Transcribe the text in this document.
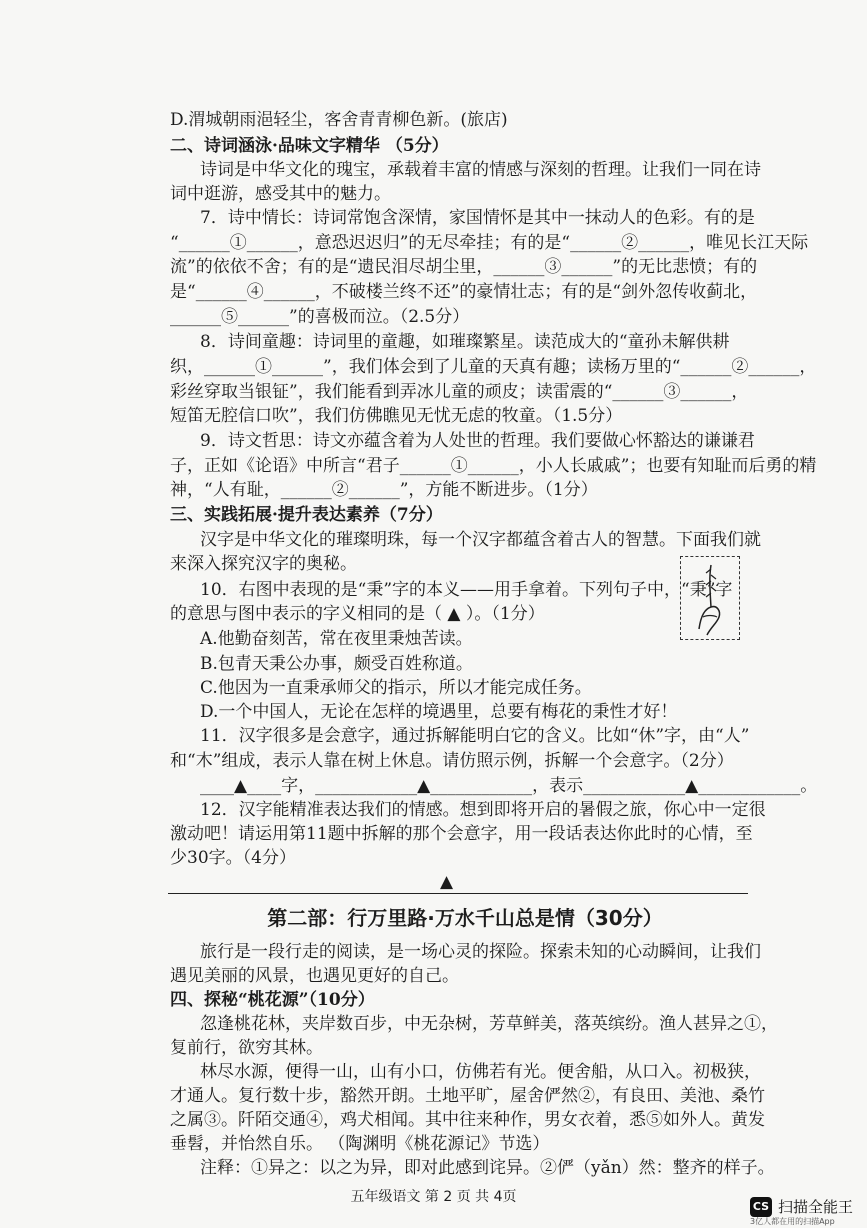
D.渭城朝雨浥轻尘，客舍青青柳色新。(旅店)
二、诗词涵泳·品味文字精华 （5分）
诗词是中华文化的瑰宝，承载着丰富的情感与深刻的哲理。让我们一同在诗
词中逛游，感受其中的魅力。
7．诗中情长：诗词常饱含深情，家国情怀是其中一抹动人的色彩。有的是
“______①______，意恐迟迟归”的无尽牵挂；有的是“______②______，唯见长江天际
流”的依依不舍；有的是“遗民泪尽胡尘里，______③______”的无比悲愤；有的
是“______④______，不破楼兰终不还”的豪情壮志；有的是“剑外忽传收蓟北，
______⑤______”的喜极而泣。（2.5分）
8．诗间童趣：诗词里的童趣，如璀璨繁星。读范成大的“童孙未解供耕
织，______①______”，我们体会到了儿童的天真有趣；读杨万里的“______②______，
彩丝穿取当银钲”，我们能看到弄冰儿童的顽皮；读雷震的“______③______，
短笛无腔信口吹”，我们仿佛瞧见无忧无虑的牧童。（1.5分）
9．诗文哲思：诗文亦蕴含着为人处世的哲理。我们要做心怀豁达的谦谦君
子，正如《论语》中所言“君子______①______，小人长戚戚”；也要有知耻而后勇的精
神，“人有耻，______②______”，方能不断进步。（1分）
三、实践拓展·提升表达素养（7分）
汉字是中华文化的璀璨明珠，每一个汉字都蕴含着古人的智慧。下面我们就
来深入探究汉字的奥秘。
10．右图中表现的是“秉”字的本义——用手拿着。下列句子中，“秉”字
的意思与图中表示的字义相同的是（ ▲ ）。（1分）
A.他勤奋刻苦，常在夜里秉烛苦读。
B.包青天秉公办事，颇受百姓称道。
C.他因为一直秉承师父的指示，所以才能完成任务。
D.一个中国人，无论在怎样的境遇里，总要有梅花的秉性才好！
11．汉字很多是会意字，通过拆解能明白它的含义。比如“休”字，由“人”
和“木”组成，表示人靠在树上休息。请仿照示例，拆解一个会意字。（2分）
____▲____字，____________▲____________，表示____________▲____________。
12．汉字能精准表达我们的情感。想到即将开启的暑假之旅，你心中一定很
激动吧！请运用第11题中拆解的那个会意字，用一段话表达你此时的心情，至
少30字。（4分）
▲
第二部：行万里路·万水千山总是情（30分）
旅行是一段行走的阅读，是一场心灵的探险。探索未知的心动瞬间，让我们
遇见美丽的风景，也遇见更好的自己。
四、探秘“桃花源”（10分）
忽逢桃花林，夹岸数百步，中无杂树，芳草鲜美，落英缤纷。渔人甚异之①，
复前行，欲穷其林。
林尽水源，便得一山，山有小口，仿佛若有光。便舍船，从口入。初极狭，
才通人。复行数十步，豁然开朗。土地平旷，屋舍俨然②，有良田、美池、桑竹
之属③。阡陌交通④，鸡犬相闻。其中往来种作，男女衣着，悉⑤如外人。黄发
垂髫，并怡然自乐。 （陶渊明《桃花源记》节选）
注释：①异之：以之为异，即对此感到诧异。②俨（yǎn）然：整齐的样子。
五年级语文 第 2 页 共 4页
CS 扫描全能王
3亿人都在用的扫描App
